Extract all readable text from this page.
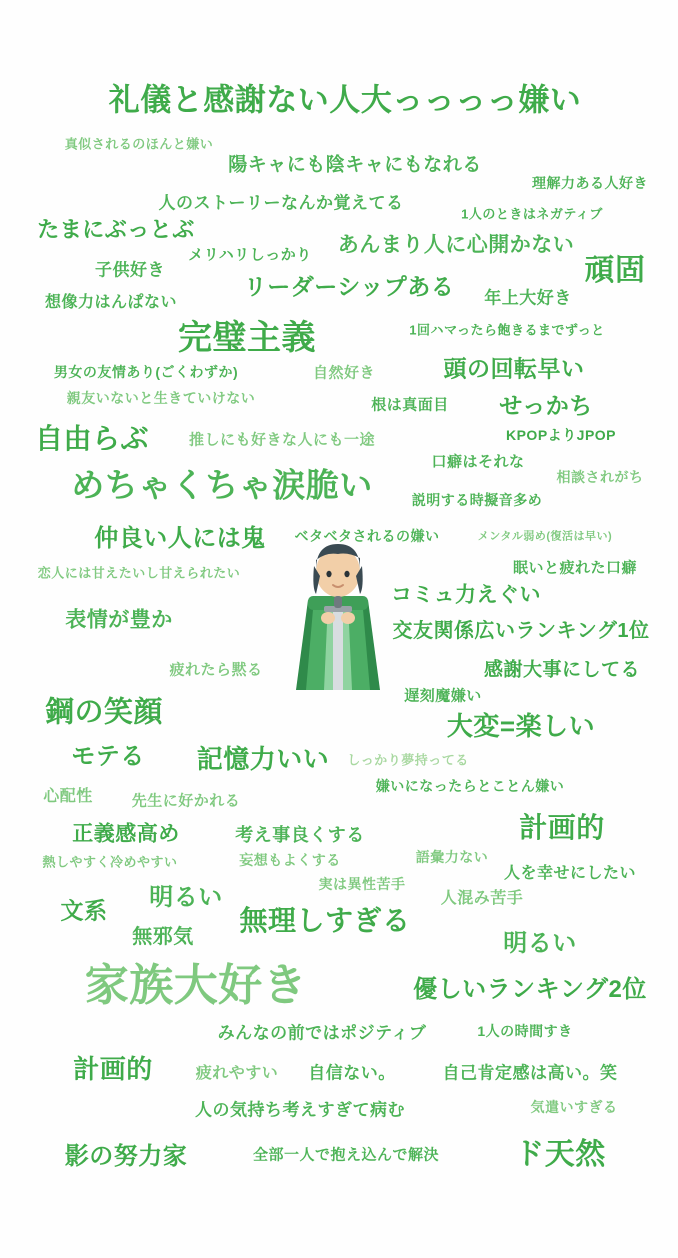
礼儀と感謝ない人大っっっっ嫌い
真似されるのほんと嫌い
陽キャにも陰キャにもなれる
理解力ある人好き
人のストーリーなんか覚えてる
1人のときはネガティブ
たまにぶっとぶ
あんまり人に心開かない
メリハリしっかり
子供好き	頑固
リーダーシップある
想像力はんぱない	年上大好き
完璧主義	1回ハマったら飽きるまでずっと
男女の友情あり(ごくわずか)	自然好き	頭の回転早い
親友いないと生きていけない	根は真面目 せっかち
自由らぶ	推しにも好きな人にも一途	KPOPよりJPOP
めちゃくちゃ涙脆い
口癖はそれな
相談されがち
説明する時擬音多め
仲良い人には鬼 ベタベタされるの嫌い	メンタル弱め(復活は早い)
恋人には甘えたいし甘えられたい	眠いと疲れた口癖
表情が豊か
コミュ力えぐい
交友関係広いランキング1位
疲れたら黙る	感謝大事にしてる
遅刻魔嫌い
鋼の笑顔	大変=楽しい
モテる 記憶力いい しっかり夢持ってる
心配性	先生に好かれる
嫌いになったらとことん嫌い
正義感高め	考え事良くする	計画的
熱しやすく冷めやすい	妄想もよくする	語彙力ない
人を幸せにしたい
明るい	実は異性苦手
人混み苦手
文系	無理しすぎる
無邪気	明るい
家族大好き	優しいランキング2位
みんなの前ではポジティブ	1人の時間すき
計画的	疲れやすい 自信ない。	自己肯定感は高い。笑
人の気持ち考えすぎて病む	気遣いすぎる
影の努力家	全部一人で抱え込んで解決	ド天然
